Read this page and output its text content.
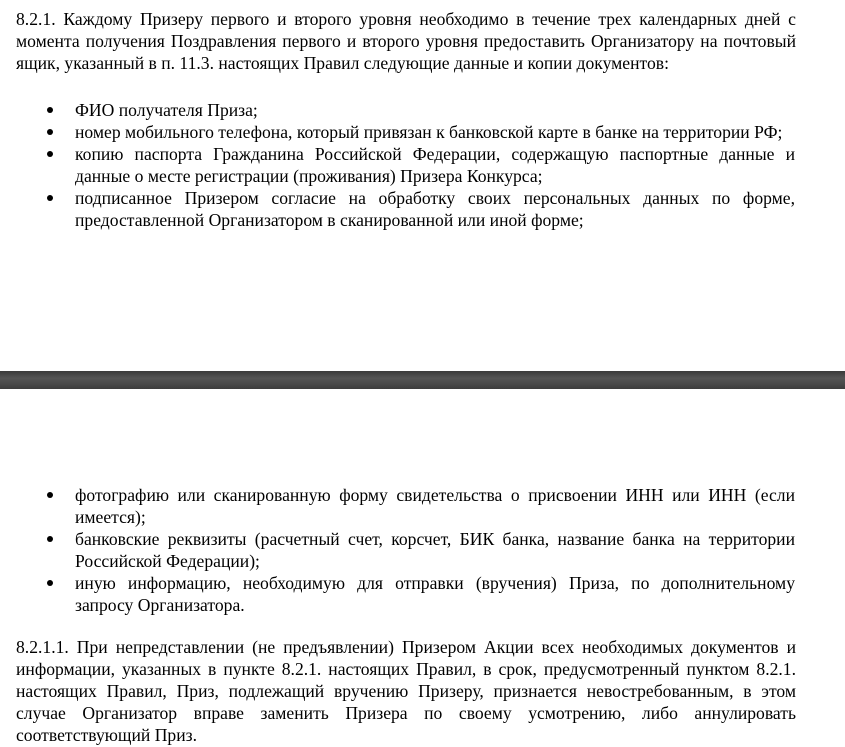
8.2.1. Каждому Призеру первого и второго уровня необходимо в течение трех календарных дней с момента получения Поздравления первого и второго уровня предоставить Организатору на почтовый ящик, указанный в п. 11.3. настоящих Правил следующие данные и копии документов:

ФИО получателя Приза;
номер мобильного телефона, который привязан к банковской карте в банке на территории РФ;
копию паспорта Гражданина Российской Федерации, содержащую паспортные данные и данные о месте регистрации (проживания) Призера Конкурса;
подписанное Призером согласие на обработку своих персональных данных по форме, предоставленной Организатором в сканированной или иной форме;
фотографию или сканированную форму свидетельства о присвоении ИНН или ИНН (если имеется);
банковские реквизиты (расчетный счет, корсчет, БИК банка, название банка на территории Российской Федерации);
иную информацию, необходимую для отправки (вручения) Приза, по дополнительному запросу Организатора.

8.2.1.1. При непредставлении (не предъявлении) Призером Акции всех необходимых документов и информации, указанных в пункте 8.2.1. настоящих Правил, в срок, предусмотренный пунктом 8.2.1. настоящих Правил, Приз, подлежащий вручению Призеру, признается невостребованным, в этом случае Организатор вправе заменить Призера по своему усмотрению, либо аннулировать соответствующий Приз.
